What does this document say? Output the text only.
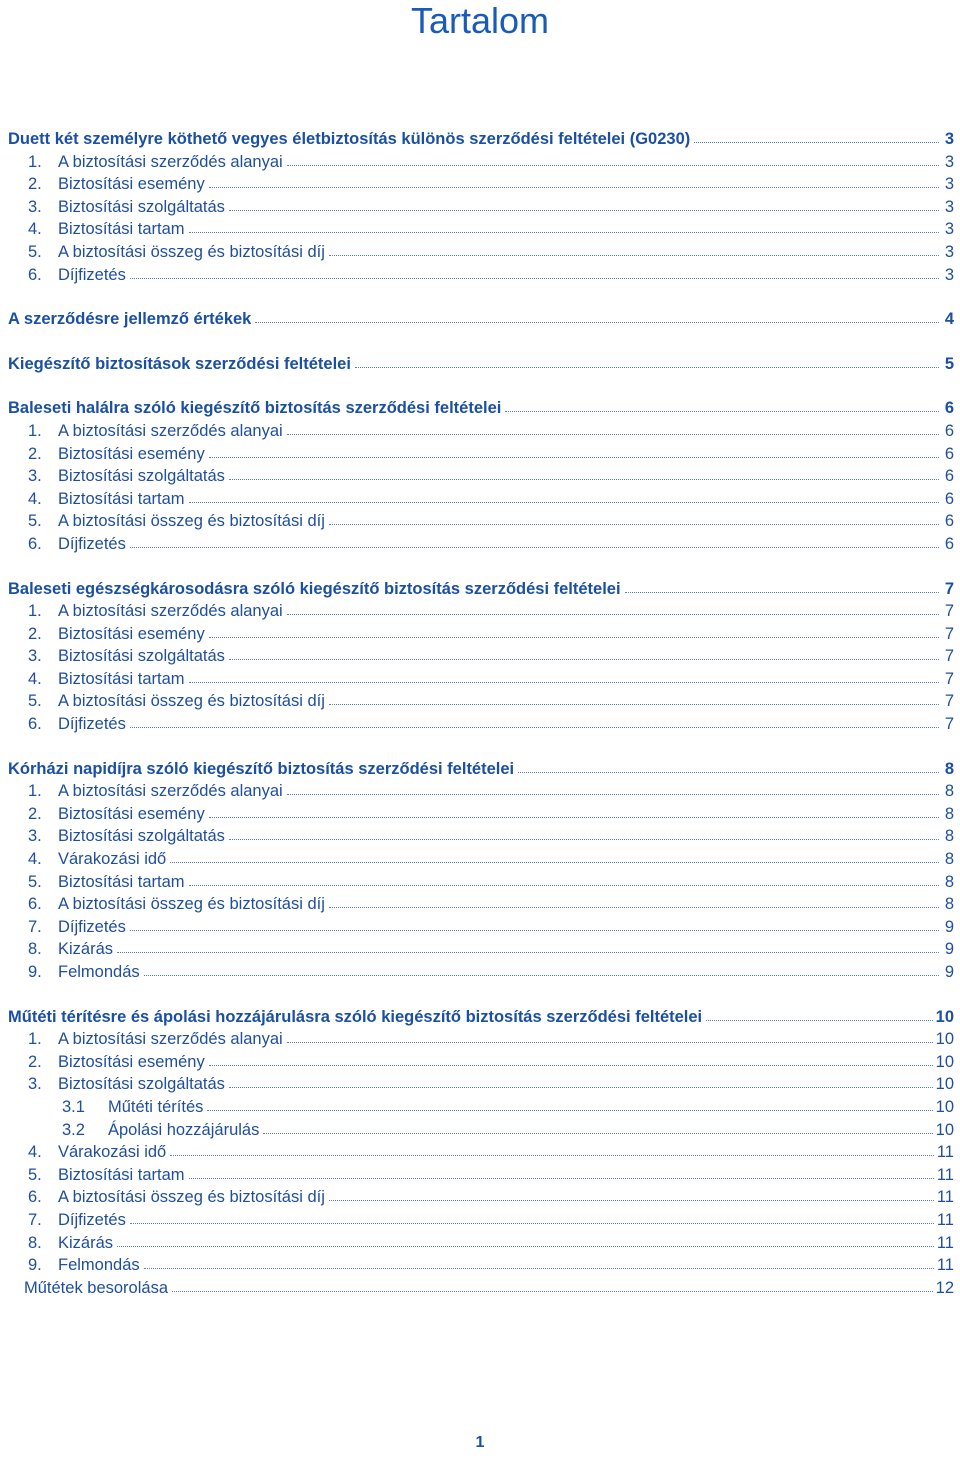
Tartalom
Duett két személyre köthető vegyes életbiztosítás különös szerződési feltételei (G0230)	3
1. A biztosítási szerződés alanyai	3
2. Biztosítási esemény	3
3. Biztosítási szolgáltatás	3
4. Biztosítási tartam	3
5. A biztosítási összeg és biztosítási díj	3
6. Díjfizetés	3
A szerződésre jellemző értékek	4
Kiegészítő biztosítások szerződési feltételei	5
Baleseti halálra szóló kiegészítő biztosítás szerződési feltételei	6
1. A biztosítási szerződés alanyai	6
2. Biztosítási esemény	6
3. Biztosítási szolgáltatás	6
4. Biztosítási tartam	6
5. A biztosítási összeg és biztosítási díj	6
6. Díjfizetés	6
Baleseti egészségkárosodásra szóló kiegészítő biztosítás szerződési feltételei	7
1. A biztosítási szerződés alanyai	7
2. Biztosítási esemény	7
3. Biztosítási szolgáltatás	7
4. Biztosítási tartam	7
5. A biztosítási összeg és biztosítási díj	7
6. Díjfizetés	7
Kórházi napidíjra szóló kiegészítő biztosítás szerződési feltételei	8
1. A biztosítási szerződés alanyai	8
2. Biztosítási esemény	8
3. Biztosítási szolgáltatás	8
4. Várakozási idő	8
5. Biztosítási tartam	8
6. A biztosítási összeg és biztosítási díj	8
7. Díjfizetés	9
8. Kizárás	9
9. Felmondás	9
Műtéti térítésre és ápolási hozzájárulásra szóló kiegészítő biztosítás szerződési feltételei	10
1. A biztosítási szerződés alanyai	10
2. Biztosítási esemény	10
3. Biztosítási szolgáltatás	10
3.1	Műtéti térítés	10
3.2	Ápolási hozzájárulás	10
4. Várakozási idő	11
5. Biztosítási tartam	11
6. A biztosítási összeg és biztosítási díj	11
7. Díjfizetés	11
8. Kizárás	11
9. Felmondás	11
Műtétek besorolása	12
1
